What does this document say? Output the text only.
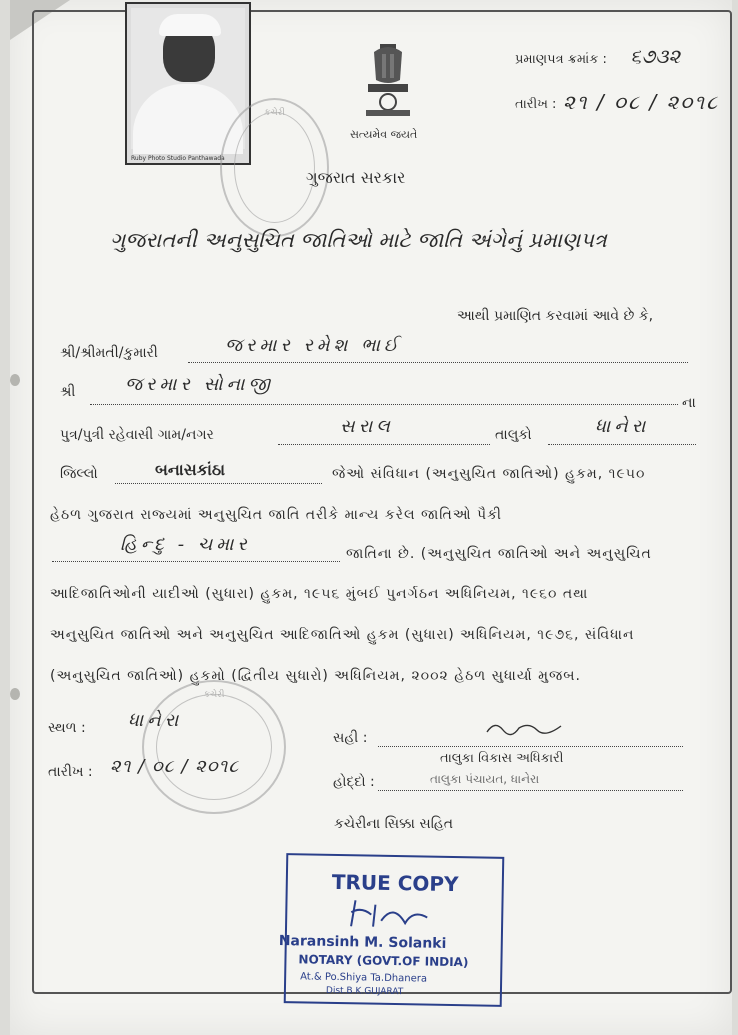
Ruby Photo Studio Panthawada
કચેરી
સત્યમેવ જયતે
પ્રમાણપત્ર ક્રમાંક : ૬૭૩૨
તારીખ : ૨૧ / ૦૮ / ૨૦૧૮
ગુજરાત સરકાર
ગુજરાતની અનુસુચિત જાતિઓ માટે જાતિ અંગેનું પ્રમાણપત્ર
આથી પ્રમાણિત કરવામાં આવે છે કે,
શ્રી/શ્રીમતી/કુમારી	જરમાર રમેશ ભાઈ
શ્રી	જરમાર સોનાજી
ના
પુત્ર/પુત્રી રહેવાસી ગામ/નગર	સરાલ	તાલુકો	ધાનેરા
જિલ્લો	બનાસકાંઠા	જેઓ સંવિધાન (અનુસુચિત જાતિઓ) હુકમ, ૧૯૫૦
હેઠળ ગુજરાત રાજ્યમાં અનુસુચિત જાતિ તરીકે માન્ય કરેલ જાતિઓ પૈકી
હિન્દુ - ચમાર	જાતિના છે. (અનુસુચિત જાતિઓ અને અનુસુચિત
આદિજાતિઓની યાદીઓ (સુધારા) હુકમ, ૧૯૫૬ મુંબઈ પુનર્ગઠન અધિનિયમ, ૧૯૬૦ તથા
અનુસુચિત જાતિઓ અને અનુસુચિત આદિજાતિઓ હુકમ (સુધારા) અધિનિયમ, ૧૯૭૬, સંવિધાન
(અનુસુચિત જાતિઓ) હુકમો (દ્વિતીય સુધારો) અધિનિયમ, ૨૦૦૨ હેઠળ સુધાર્યા મુજબ.
કચેરી
સ્થળ : ધાનેરા
તારીખ : ૨૧ / ૦૮ / ૨૦૧૮
સહી :
તાલુકા વિકાસ અધિકારી
હોદ્દો :	તાલુકા પંચાયત, ધાનેરા
કચેરીના સિક્કા સહિત
TRUE COPY
Naransinh M. Solanki
NOTARY (GOVT.OF INDIA)
At.& Po.Shiya Ta.Dhanera
Dist.B.K.GUJARAT
